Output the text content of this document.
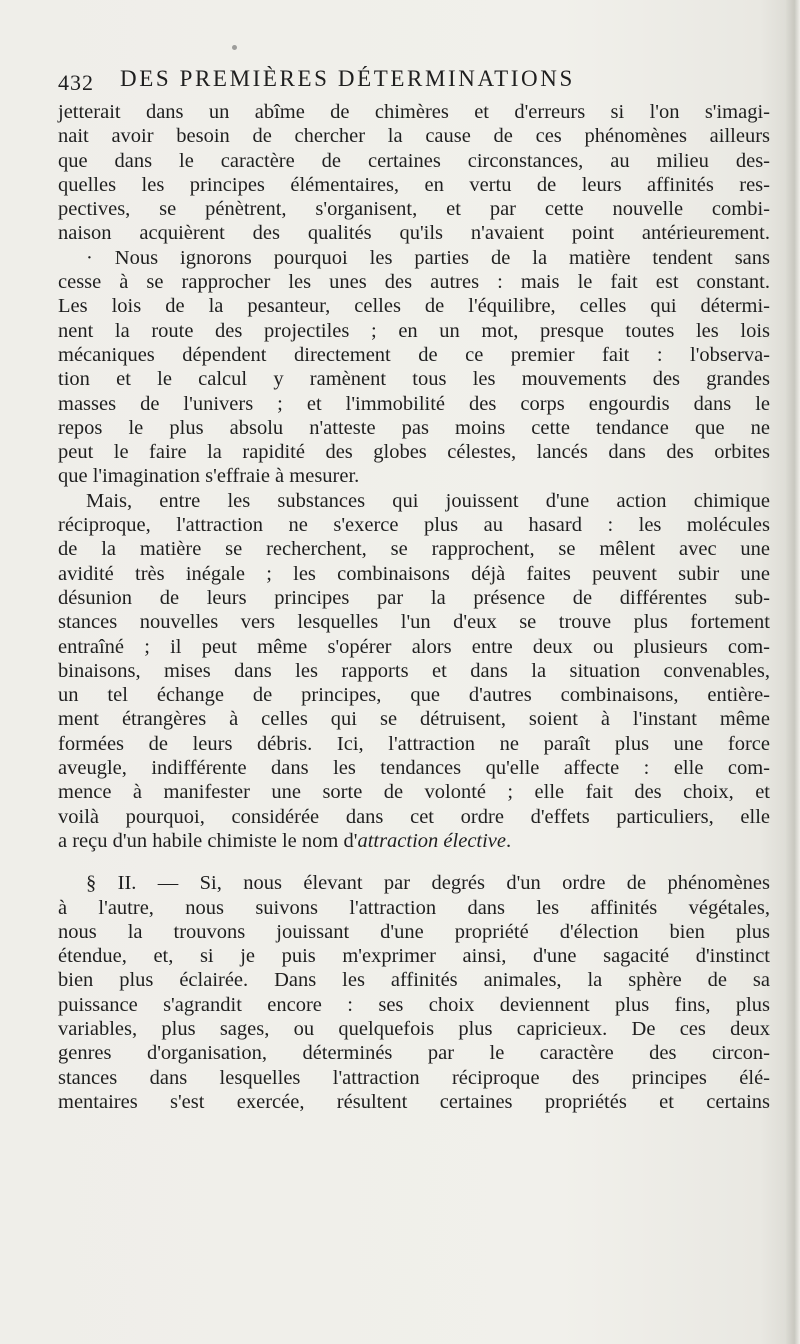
432 DES PREMIÈRES DÉTERMINATIONS
jetterait dans un abîme de chimères et d'erreurs si l'on s'imagi-
nait avoir besoin de chercher la cause de ces phénomènes ailleurs
que dans le caractère de certaines circonstances, au milieu des-
quelles les principes élémentaires, en vertu de leurs affinités res-
pectives, se pénètrent, s'organisent, et par cette nouvelle combi-
naison acquièrent des qualités qu'ils n'avaient point antérieurement.
· Nous ignorons pourquoi les parties de la matière tendent sans
cesse à se rapprocher les unes des autres : mais le fait est constant.
Les lois de la pesanteur, celles de l'équilibre, celles qui détermi-
nent la route des projectiles ; en un mot, presque toutes les lois
mécaniques dépendent directement de ce premier fait : l'observa-
tion et le calcul y ramènent tous les mouvements des grandes
masses de l'univers ; et l'immobilité des corps engourdis dans le
repos le plus absolu n'atteste pas moins cette tendance que ne
peut le faire la rapidité des globes célestes, lancés dans des orbites
que l'imagination s'effraie à mesurer.
Mais, entre les substances qui jouissent d'une action chimique
réciproque, l'attraction ne s'exerce plus au hasard : les molécules
de la matière se recherchent, se rapprochent, se mêlent avec une
avidité très inégale ; les combinaisons déjà faites peuvent subir une
désunion de leurs principes par la présence de différentes sub-
stances nouvelles vers lesquelles l'un d'eux se trouve plus fortement
entraîné ; il peut même s'opérer alors entre deux ou plusieurs com-
binaisons, mises dans les rapports et dans la situation convenables,
un tel échange de principes, que d'autres combinaisons, entière-
ment étrangères à celles qui se détruisent, soient à l'instant même
formées de leurs débris. Ici, l'attraction ne paraît plus une force
aveugle, indifférente dans les tendances qu'elle affecte : elle com-
mence à manifester une sorte de volonté ; elle fait des choix, et
voilà pourquoi, considérée dans cet ordre d'effets particuliers, elle
a reçu d'un habile chimiste le nom d'attraction élective.
§ II. — Si, nous élevant par degrés d'un ordre de phénomènes
à l'autre, nous suivons l'attraction dans les affinités végétales,
nous la trouvons jouissant d'une propriété d'élection bien plus
étendue, et, si je puis m'exprimer ainsi, d'une sagacité d'instinct
bien plus éclairée. Dans les affinités animales, la sphère de sa
puissance s'agrandit encore : ses choix deviennent plus fins, plus
variables, plus sages, ou quelquefois plus capricieux. De ces deux
genres d'organisation, déterminés par le caractère des circon-
stances dans lesquelles l'attraction réciproque des principes élé-
mentaires s'est exercée, résultent certaines propriétés et certains
